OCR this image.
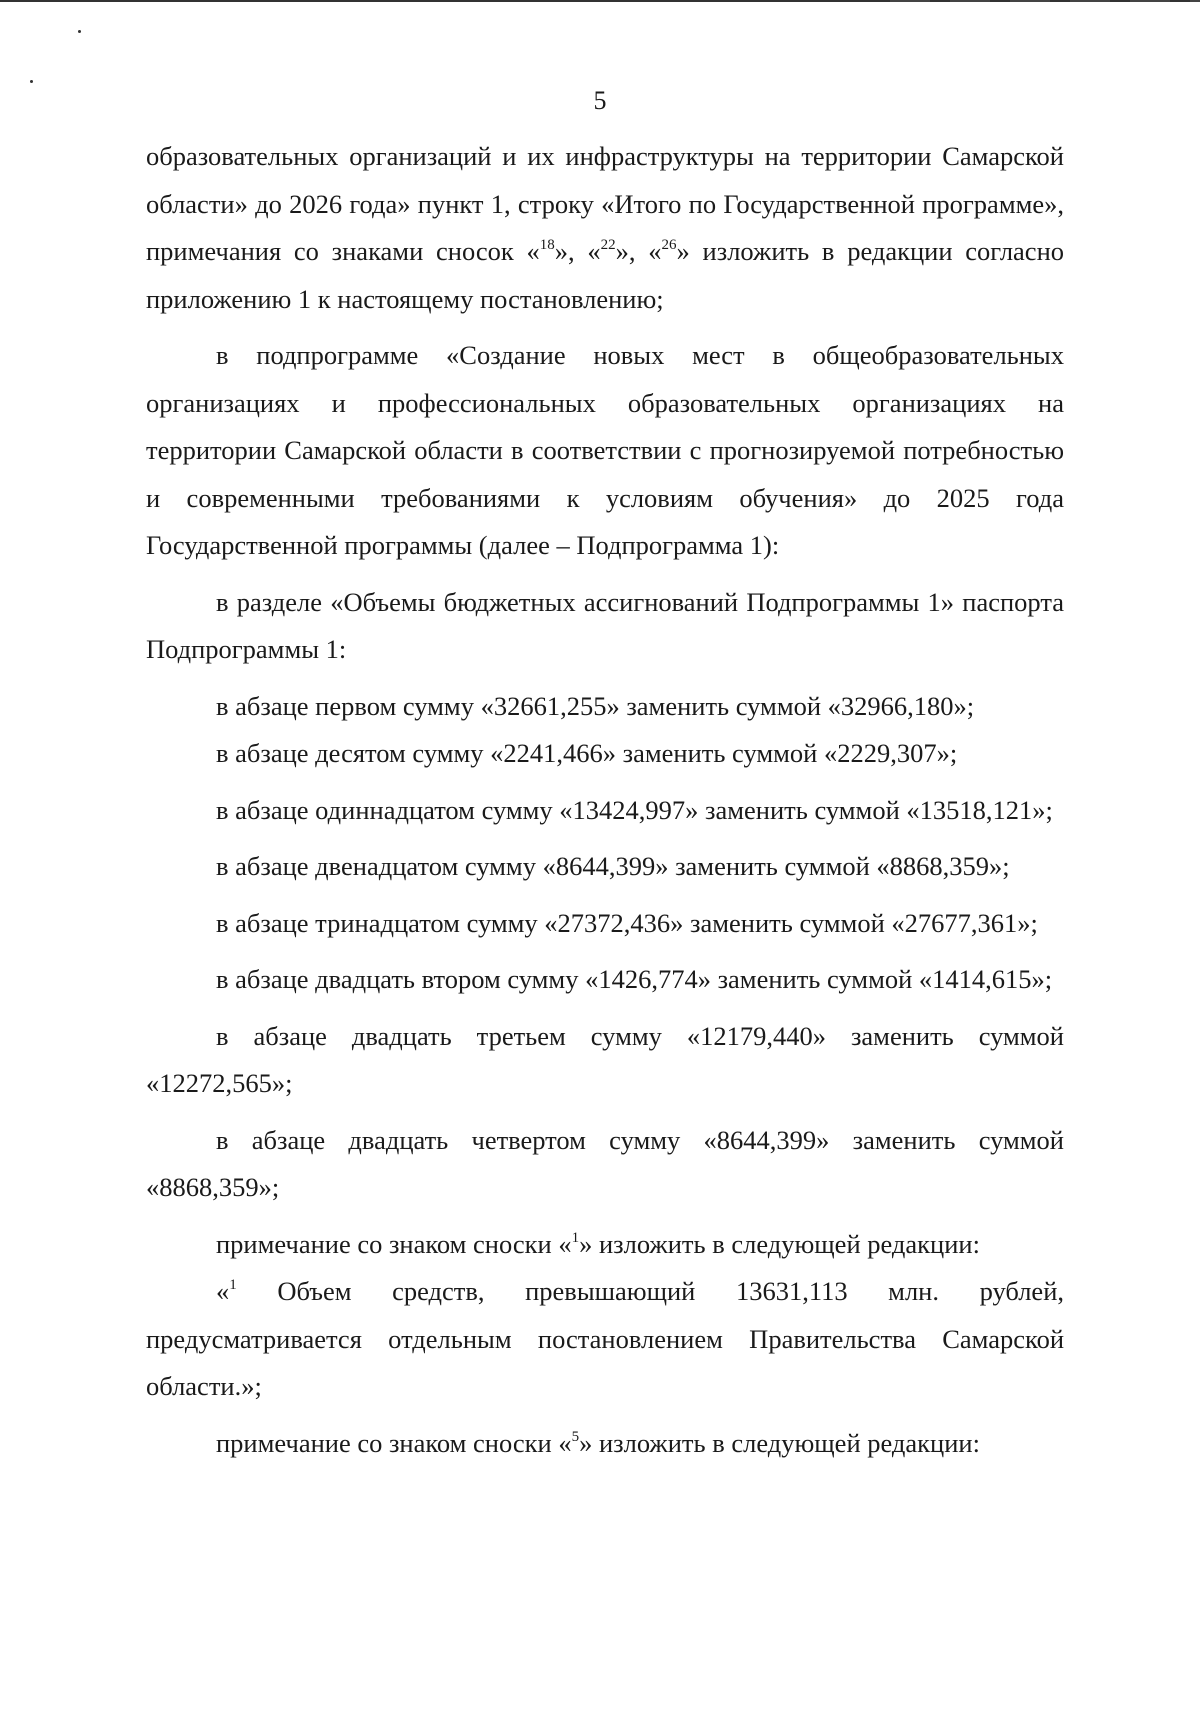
5

образовательных организаций и их инфраструктуры на территории Самарской области» до 2026 года» пункт 1, строку «Итого по Государственной программе», примечания со знаками сносок «$^{18}$», «$^{22}$», «$^{26}$» изложить в редакции согласно приложению 1 к настоящему постановлению;

в подпрограмме «Создание новых мест в общеобразовательных организациях и профессиональных образовательных организациях на территории Самарской области в соответствии с прогнозируемой потребностью и современными требованиями к условиям обучения» до 2025 года Государственной программы (далее – Подпрограмма 1):

в разделе «Объемы бюджетных ассигнований Подпрограммы 1» паспорта Подпрограммы 1:

в абзаце первом сумму «32661,255» заменить суммой «32966,180»;

в абзаце десятом сумму «2241,466» заменить суммой «2229,307»;

в абзаце одиннадцатом сумму «13424,997» заменить суммой «13518,121»;

в абзаце двенадцатом сумму «8644,399» заменить суммой «8868,359»;

в абзаце тринадцатом сумму «27372,436» заменить суммой «27677,361»;

в абзаце двадцать втором сумму «1426,774» заменить суммой «1414,615»;

в абзаце двадцать третьем сумму «12179,440» заменить суммой «12272,565»;

в абзаце двадцать четвертом сумму «8644,399» заменить суммой «8868,359»;

примечание со знаком сноски «$^1$» изложить в следующей редакции:

«$^1$ Объем средств, превышающий 13631,113 млн. рублей, предусматривается отдельным постановлением Правительства Самарской области.»;

примечание со знаком сноски «$^5$» изложить в следующей редакции:
